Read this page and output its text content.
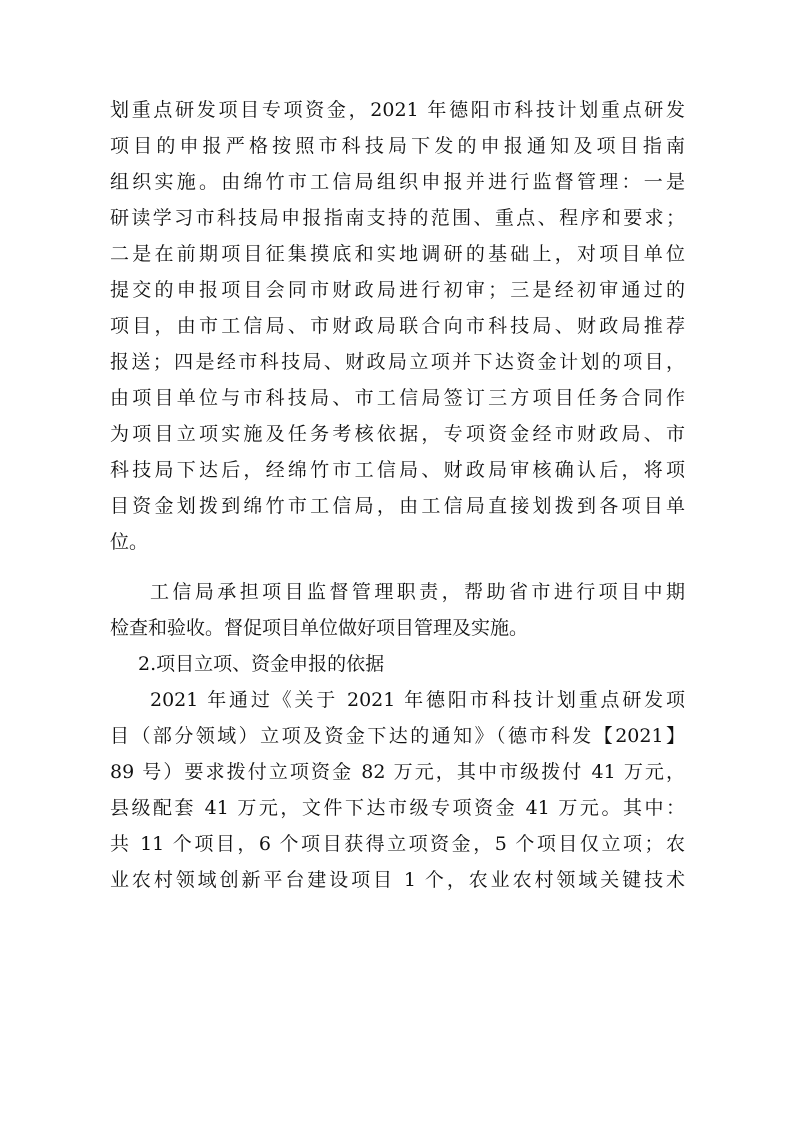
划重点研发项目专项资金，2021 年德阳市科技计划重点研发
项目的申报严格按照市科技局下发的申报通知及项目指南
组织实施。由绵竹市工信局组织申报并进行监督管理：一是
研读学习市科技局申报指南支持的范围、重点、程序和要求；
二是在前期项目征集摸底和实地调研的基础上，对项目单位
提交的申报项目会同市财政局进行初审；三是经初审通过的
项目，由市工信局、市财政局联合向市科技局、财政局推荐
报送；四是经市科技局、财政局立项并下达资金计划的项目，
由项目单位与市科技局、市工信局签订三方项目任务合同作
为项目立项实施及任务考核依据，专项资金经市财政局、市
科技局下达后，经绵竹市工信局、财政局审核确认后，将项
目资金划拨到绵竹市工信局，由工信局直接划拨到各项目单
位。
工信局承担项目监督管理职责，帮助省市进行项目中期
检查和验收。督促项目单位做好项目管理及实施。
2.项目立项、资金申报的依据
2021 年通过《关于 2021 年德阳市科技计划重点研发项
目（部分领域）立项及资金下达的通知》（德市科发【2021】
89 号）要求拨付立项资金 82 万元，其中市级拨付 41 万元，
县级配套 41 万元，文件下达市级专项资金 41 万元。其中：
共 11 个项目，6 个项目获得立项资金，5 个项目仅立项；农
业农村领域创新平台建设项目 1 个，农业农村领域关键技术
